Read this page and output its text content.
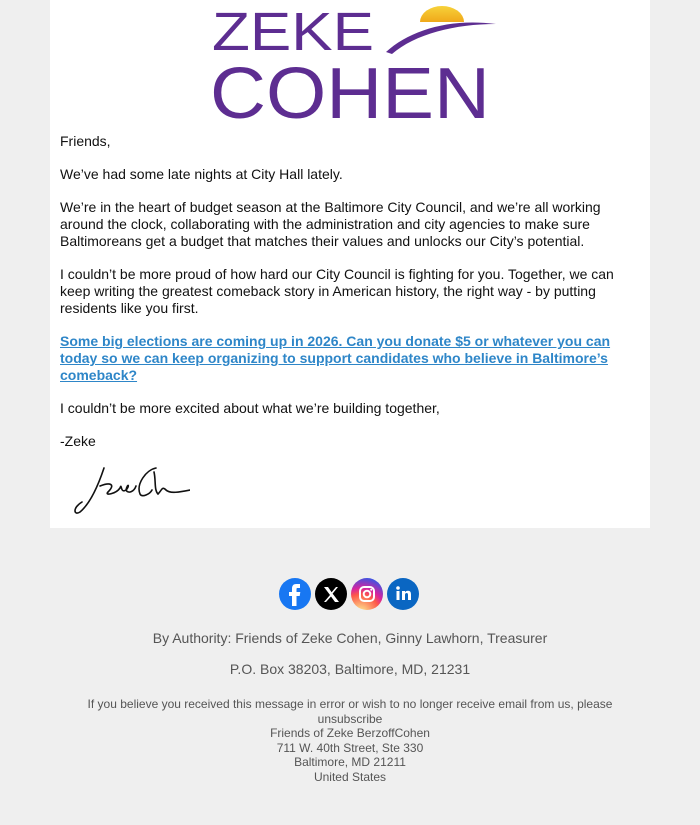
ZEKE
COHEN

Friends,

We’ve had some late nights at City Hall lately.

We’re in the heart of budget season at the Baltimore City Council, and we’re all working around the clock, collaborating with the administration and city agencies to make sure Baltimoreans get a budget that matches their values and unlocks our City’s potential.

I couldn’t be more proud of how hard our City Council is fighting for you. Together, we can keep writing the greatest comeback story in American history, the right way - by putting residents like you first.

Some big elections are coming up in 2026. Can you donate $5 or whatever you can today so we can keep organizing to support candidates who believe in Baltimore’s comeback?

I couldn’t be more excited about what we’re building together,

-Zeke

By Authority: Friends of Zeke Cohen, Ginny Lawhorn, Treasurer
P.O. Box 38203, Baltimore, MD, 21231
If you believe you received this message in error or wish to no longer receive email from us, please
unsubscribe
Friends of Zeke BerzoffCohen
711 W. 40th Street, Ste 330
Baltimore, MD 21211
United States
